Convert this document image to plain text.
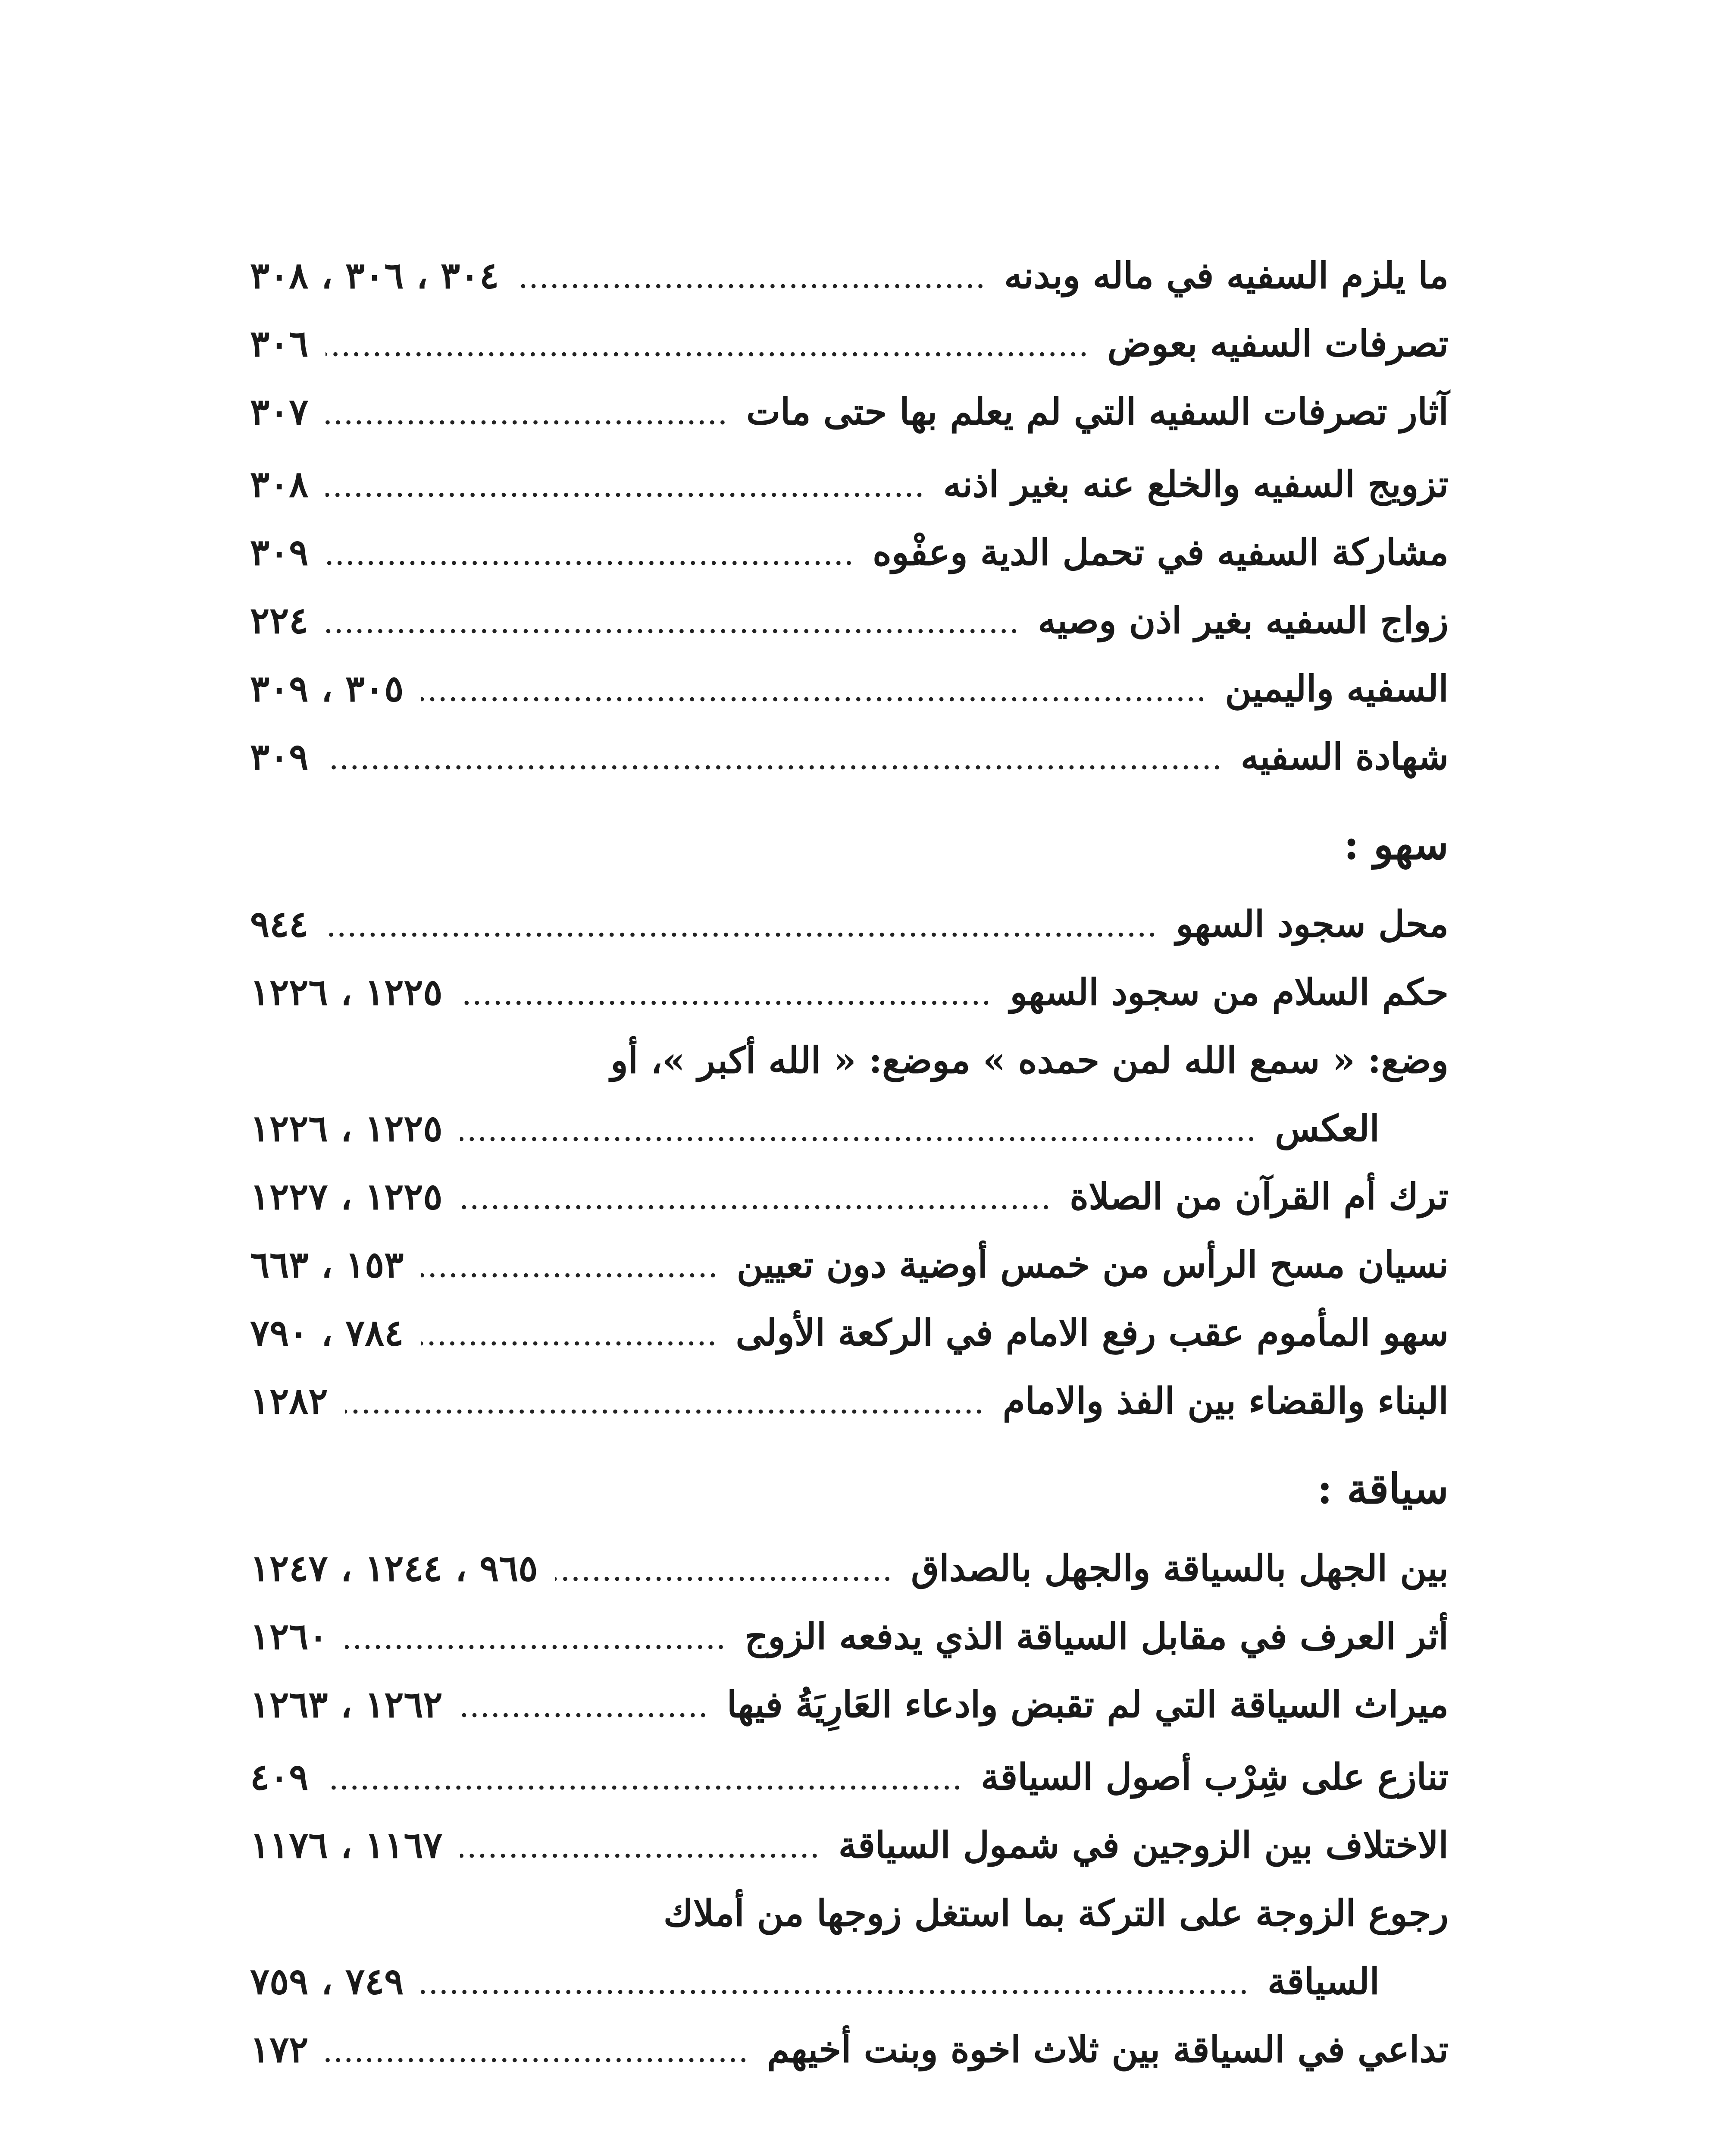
ما يلزم السفيه في ماله وبدنه
.....
٣٠٤ ، ٣٠٦ ، ٣٠٨
تصرفات السفيه بعوض
.....
٣٠٦
آثار تصرفات السفيه التي لم يعلم بها حتى مات
.....
٣٠٧
تزويج السفيه والخلع عنه بغير اذنه
.....
٣٠٨
مشاركة السفيه في تحمل الدية وعفْوه
.....
٣٠٩
زواج السفيه بغير اذن وصيه
.....
٢٢٤
السفيه واليمين
.....
٣٠٥ ، ٣٠٩
شهادة السفيه
.....
٣٠٩
سهو :
محل سجود السهو
.....
٩٤٤
حكم السلام من سجود السهو
.....
١٢٢٥ ، ١٢٢٦
وضع: « سمع الله لمن حمده » موضع: « الله أكبر »، أو
العكس
.....
١٢٢٥ ، ١٢٢٦
ترك أم القرآن من الصلاة
.....
١٢٢٥ ، ١٢٢٧
نسيان مسح الرأس من خمس أوضية دون تعيين
.....
١٥٣ ، ٦٦٣
سهو المأموم عقب رفع الامام في الركعة الأولى
.....
٧٨٤ ، ٧٩٠
البناء والقضاء بين الفذ والامام
.....
١٢٨٢
سياقة :
بين الجهل بالسياقة والجهل بالصداق
.....
٩٦٥ ، ١٢٤٤ ، ١٢٤٧
أثر العرف في مقابل السياقة الذي يدفعه الزوج
.....
١٢٦٠
ميراث السياقة التي لم تقبض وادعاء العَارِيَةُ فيها
.....
١٢٦٢ ، ١٢٦٣
تنازع على شِرْب أصول السياقة
.....
٤٠٩
الاختلاف بين الزوجين في شمول السياقة
.....
١١٦٧ ، ١١٧٦
رجوع الزوجة على التركة بما استغل زوجها من أملاك
السياقة
.....
٧٤٩ ، ٧٥٩
تداعي في السياقة بين ثلاث اخوة وبنت أخيهم
.....
١٧٢
